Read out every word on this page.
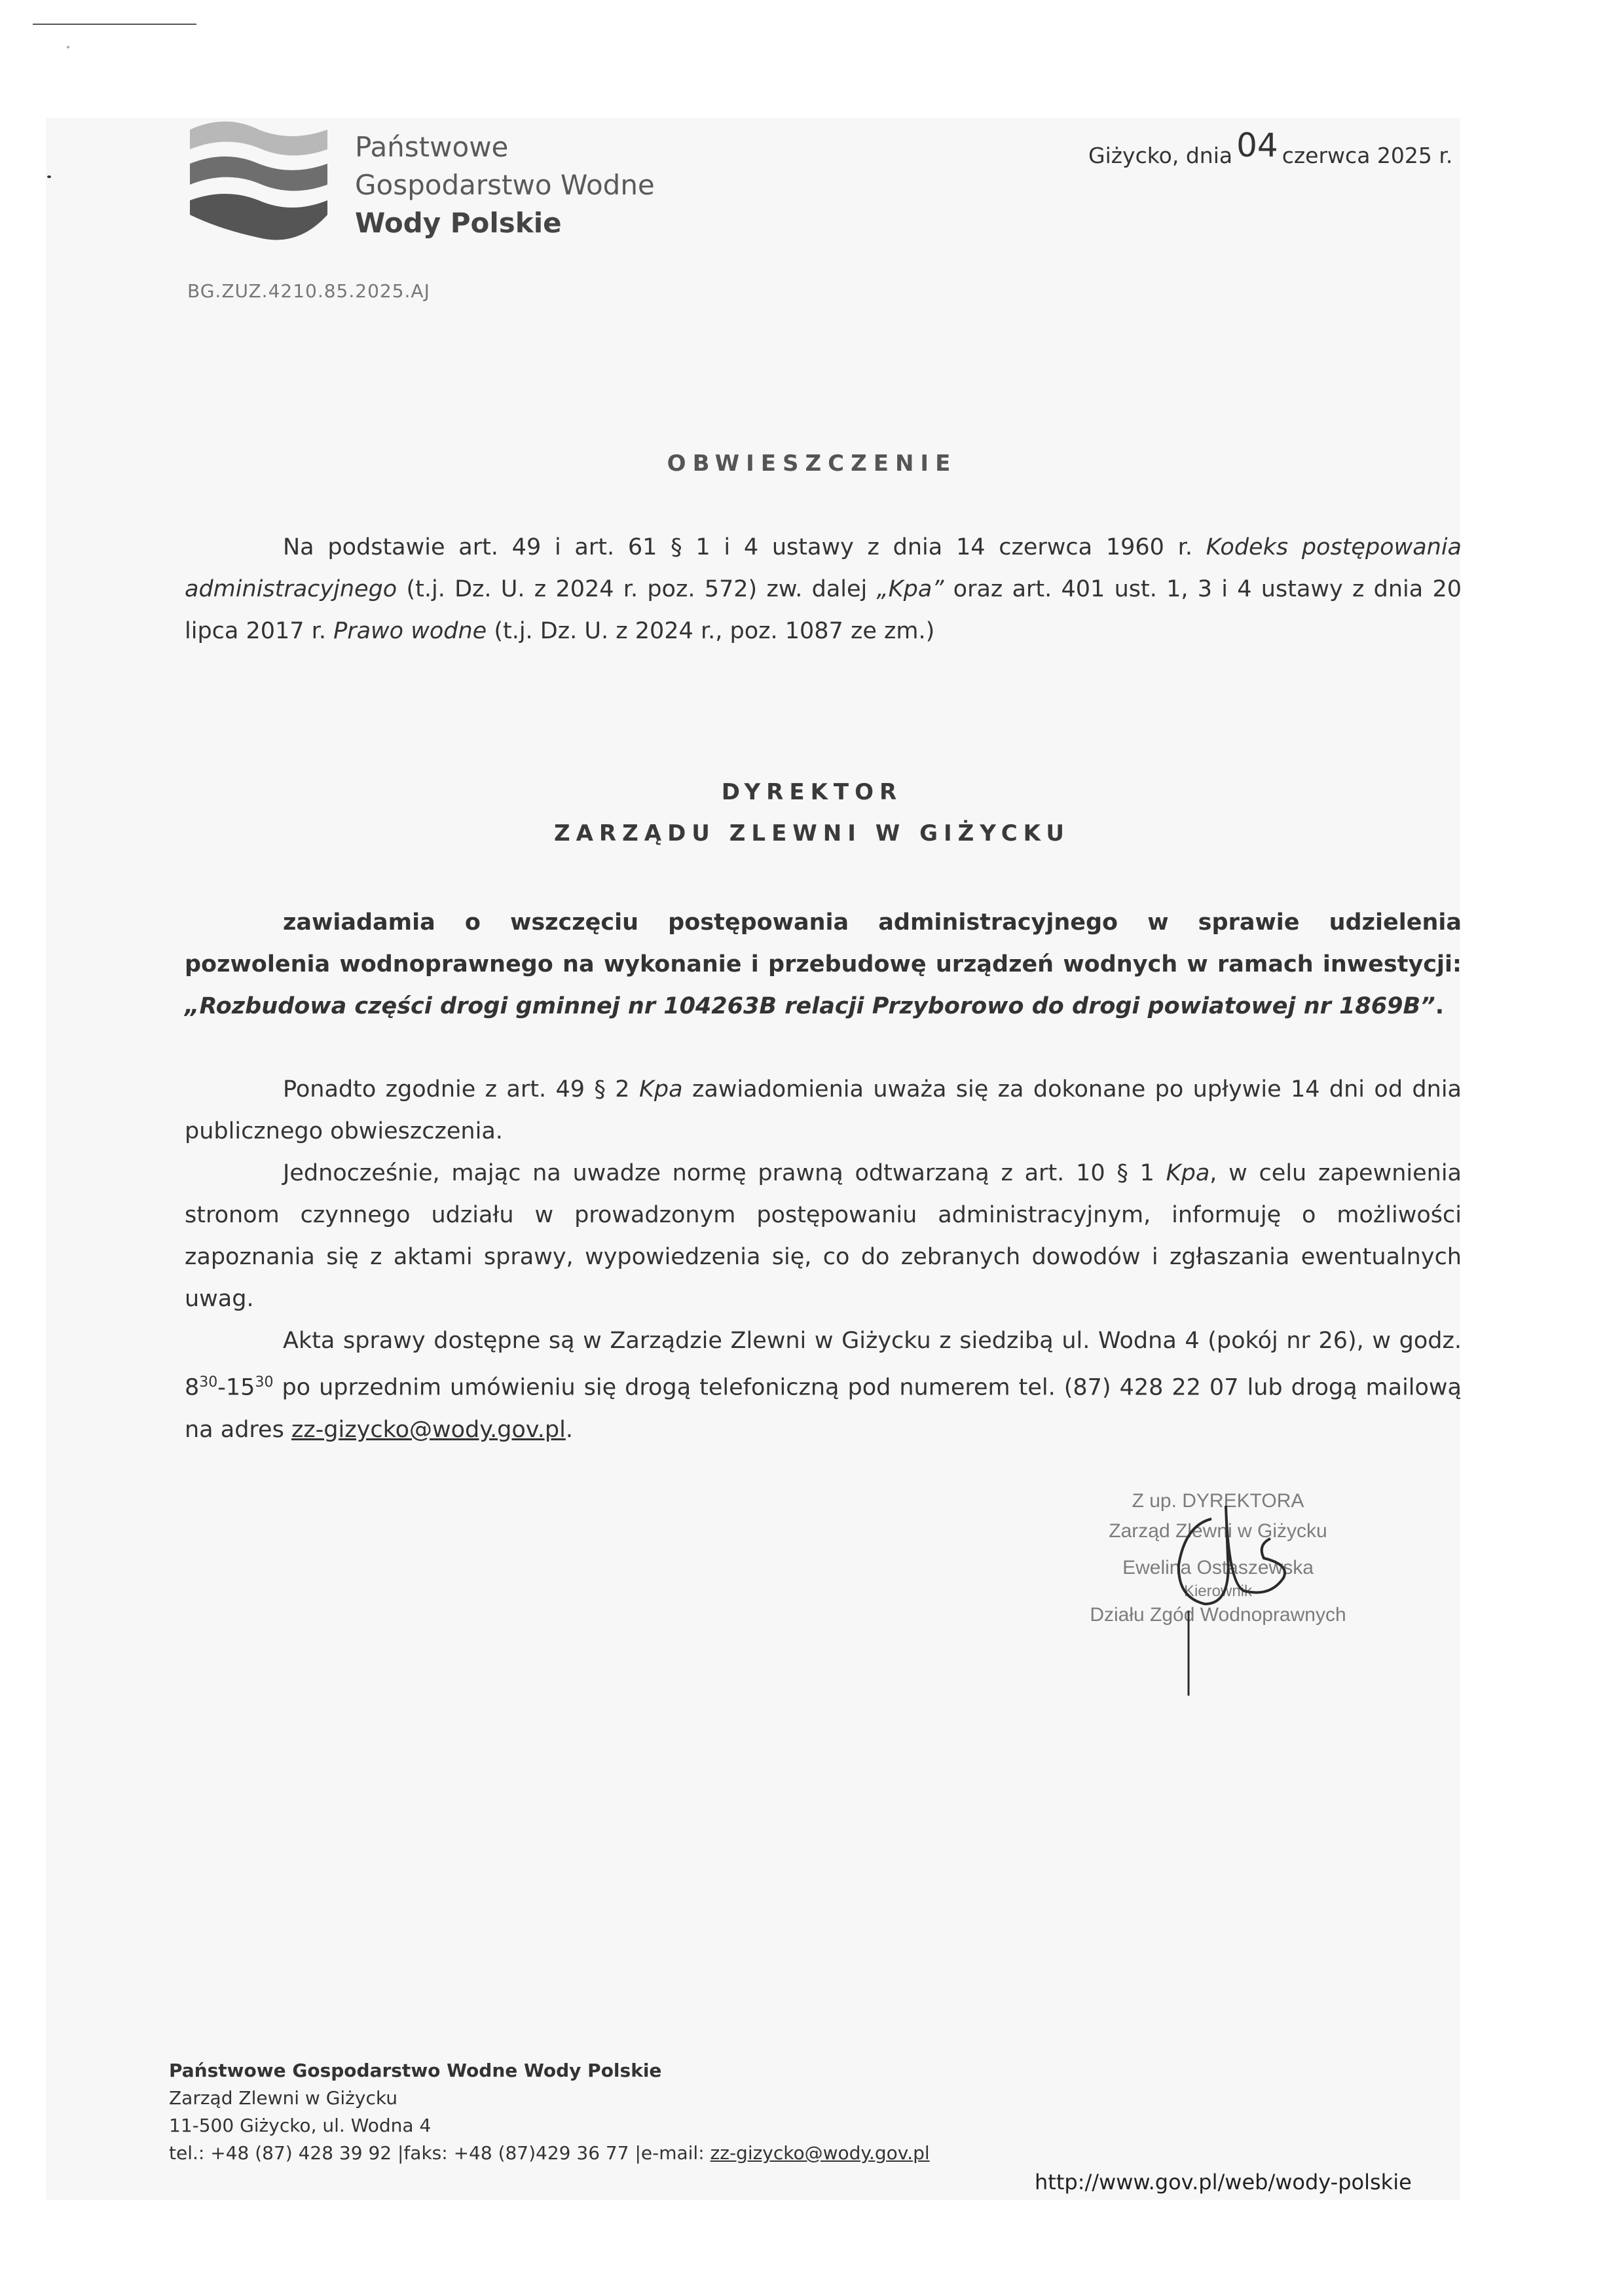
Państwowe
Gospodarstwo Wodne
Wody Polskie
BG.ZUZ.4210.85.2025.AJ
Giżycko, dnia 04 czerwca 2025 r.
OBWIESZCZENIE
Na podstawie art. 49 i art. 61 § 1 i 4 ustawy z dnia 14 czerwca 1960 r. Kodeks postępowania administracyjnego (t.j. Dz. U. z 2024 r. poz. 572) zw. dalej „Kpa” oraz art. 401 ust. 1, 3 i 4 ustawy z dnia 20 lipca 2017 r. Prawo wodne (t.j. Dz. U. z 2024 r., poz. 1087 ze zm.)
DYREKTOR
ZARZĄDU ZLEWNI W GIŻYCKU
zawiadamia o wszczęciu postępowania administracyjnego w sprawie udzielenia pozwolenia wodnoprawnego na wykonanie i przebudowę urządzeń wodnych w ramach inwestycji: „Rozbudowa części drogi gminnej nr 104263B relacji Przyborowo do drogi powiatowej nr 1869B”.
Ponadto zgodnie z art. 49 § 2 Kpa zawiadomienia uważa się za dokonane po upływie 14 dni od dnia publicznego obwieszczenia.
Jednocześnie, mając na uwadze normę prawną odtwarzaną z art. 10 § 1 Kpa, w celu zapewnienia stronom czynnego udziału w prowadzonym postępowaniu administracyjnym, informuję o możliwości zapoznania się z aktami sprawy, wypowiedzenia się, co do zebranych dowodów i zgłaszania ewentualnych uwag.
Akta sprawy dostępne są w Zarządzie Zlewni w Giżycku z siedzibą ul. Wodna 4 (pokój nr 26), w godz. $8^{30}-15^{30}$ po uprzednim umówieniu się drogą telefoniczną pod numerem tel. (87) 428 22 07 lub drogą mailową na adres zz-gizycko@wody.gov.pl.
Z up. DYREKTORA
Zarząd Zlewni w Giżycku
Ewelina Ostaszewska
Kierownik
Działu Zgód Wodnoprawnych
Państwowe Gospodarstwo Wodne Wody Polskie
Zarząd Zlewni w Giżycku
11-500 Giżycko, ul. Wodna 4
tel.: +48 (87) 428 39 92 |faks: +48 (87)429 36 77 |e-mail: zz-gizycko@wody.gov.pl
http://www.gov.pl/web/wody-polskie
